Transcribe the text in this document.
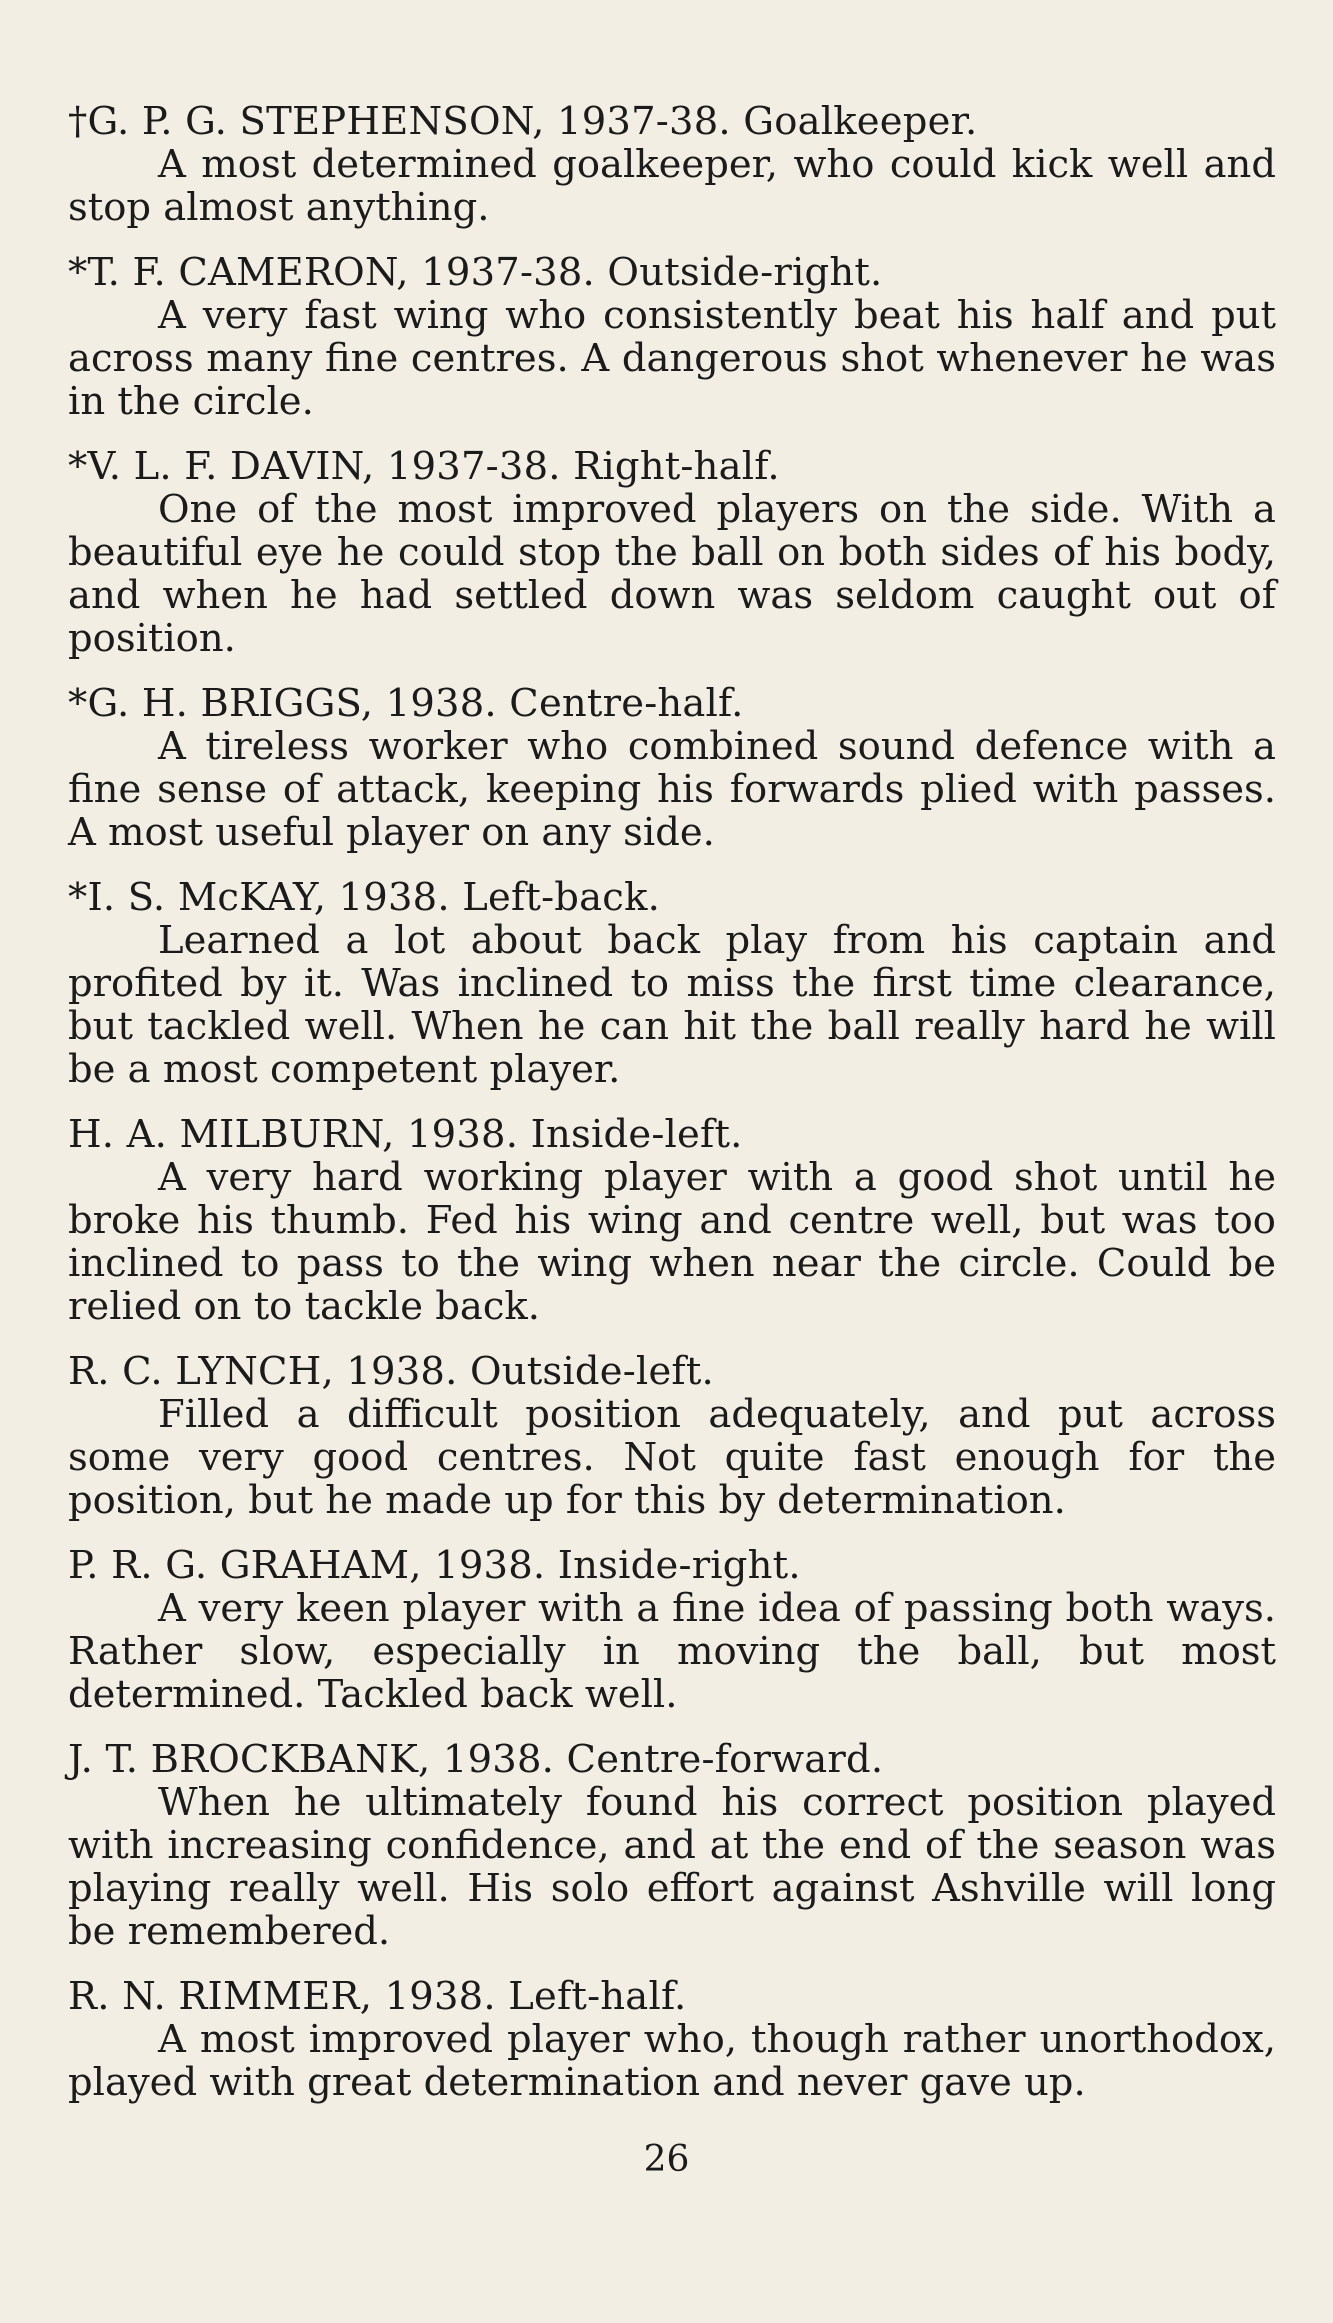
†G. P. G. STEPHENSON, 1937-38. Goalkeeper.

A most determined goalkeeper, who could kick well and stop almost anything.

*T. F. CAMERON, 1937-38. Outside-right.

A very fast wing who consistently beat his half and put across many fine centres. A dangerous shot whenever he was in the circle.

*V. L. F. DAVIN, 1937-38. Right-half.

One of the most improved players on the side. With a beautiful eye he could stop the ball on both sides of his body, and when he had settled down was seldom caught out of position.

*G. H. BRIGGS, 1938. Centre-half.

A tireless worker who combined sound defence with a fine sense of attack, keeping his forwards plied with passes. A most useful player on any side.

*I. S. McKAY, 1938. Left-back.

Learned a lot about back play from his captain and profited by it. Was inclined to miss the first time clearance, but tackled well. When he can hit the ball really hard he will be a most competent player.

H. A. MILBURN, 1938. Inside-left.

A very hard working player with a good shot until he broke his thumb. Fed his wing and centre well, but was too inclined to pass to the wing when near the circle. Could be relied on to tackle back.

R. C. LYNCH, 1938. Outside-left.

Filled a difficult position adequately, and put across some very good centres. Not quite fast enough for the position, but he made up for this by determination.

P. R. G. GRAHAM, 1938. Inside-right.

A very keen player with a fine idea of passing both ways. Rather slow, especially in moving the ball, but most determined. Tackled back well.

J. T. BROCKBANK, 1938. Centre-forward.

When he ultimately found his correct position played with increasing confidence, and at the end of the season was playing really well. His solo effort against Ashville will long be remembered.

R. N. RIMMER, 1938. Left-half.

A most improved player who, though rather unorthodox, played with great determination and never gave up.

26
